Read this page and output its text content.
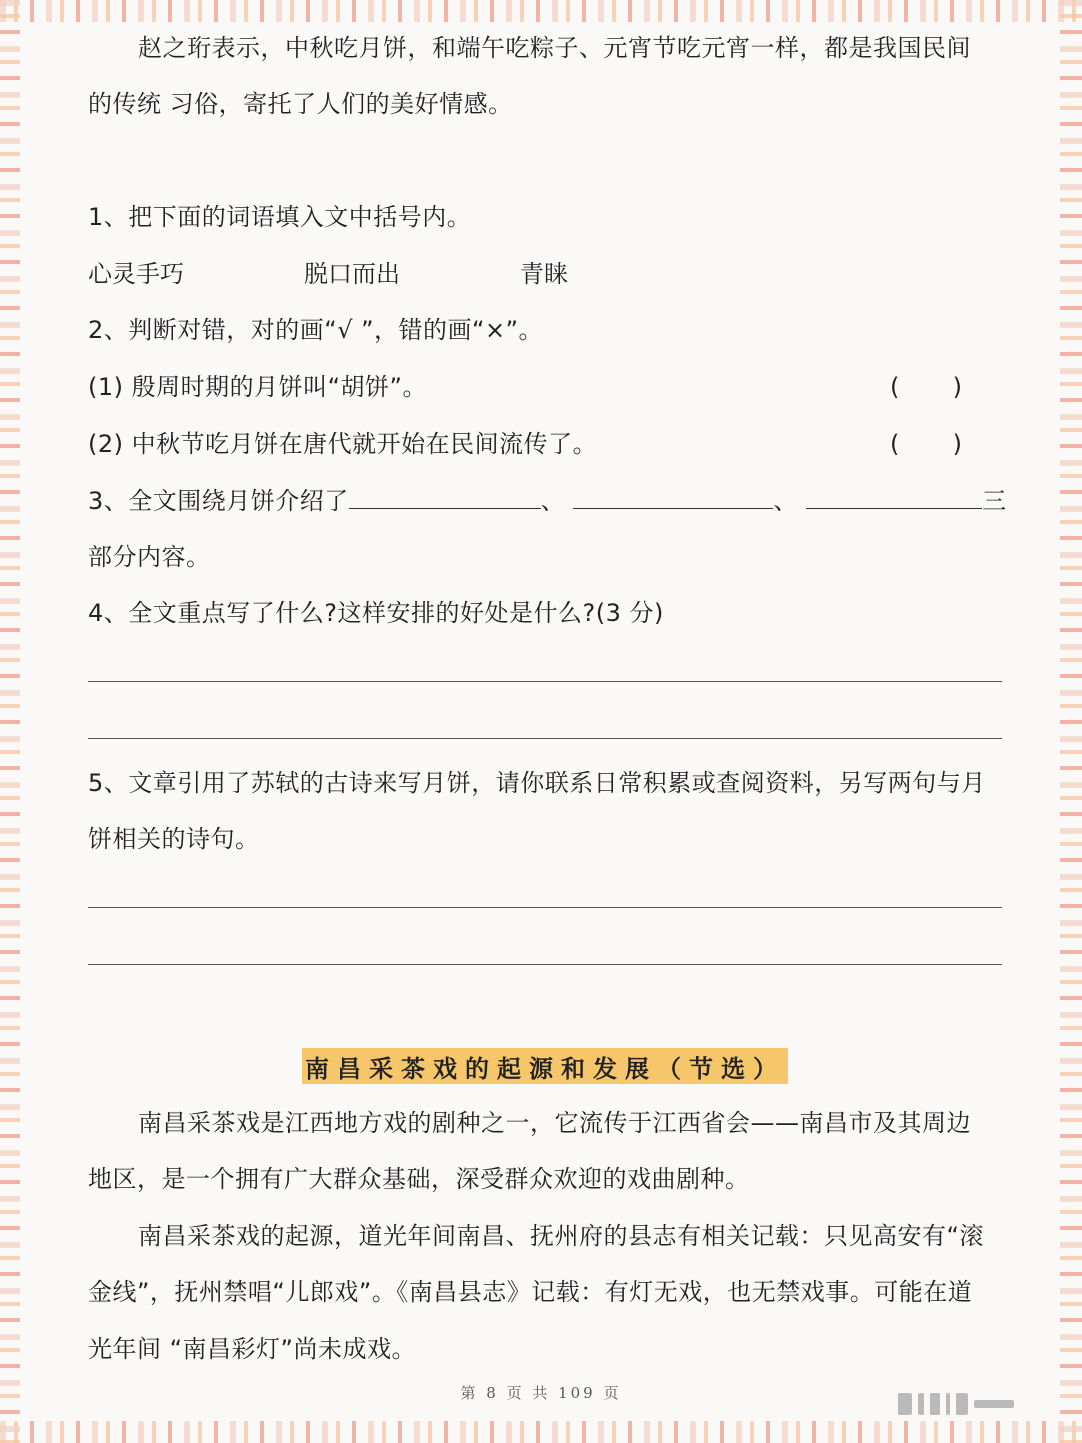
赵之珩表示，中秋吃月饼，和端午吃粽子、元宵节吃元宵一样，都是我国民间
的传统 习俗，寄托了人们的美好情感。
1、把下面的词语填入文中括号内。
心灵手巧	脱口而出	青睐
2、判断对错，对的画“√ ”，错的画“×”。
(1) 殷周时期的月饼叫“胡饼”。	( )
(2) 中秋节吃月饼在唐代就开始在民间流传了。	( )
3、全文围绕月饼介绍了	、	、	三
部分内容。
4、全文重点写了什么?这样安排的好处是什么?(3 分)
5、文章引用了苏轼的古诗来写月饼，请你联系日常积累或查阅资料，另写两句与月
饼相关的诗句。
南昌采茶戏的起源和发展（节选）
南昌采茶戏是江西地方戏的剧种之一，它流传于江西省会——南昌市及其周边
地区，是一个拥有广大群众基础，深受群众欢迎的戏曲剧种。
南昌采茶戏的起源，道光年间南昌、抚州府的县志有相关记载：只见高安有“滚
金线”，抚州禁唱“儿郎戏”。《南昌县志》记载：有灯无戏，也无禁戏事。可能在道
光年间 “南昌彩灯”尚未成戏。
第 8 页 共 109 页
